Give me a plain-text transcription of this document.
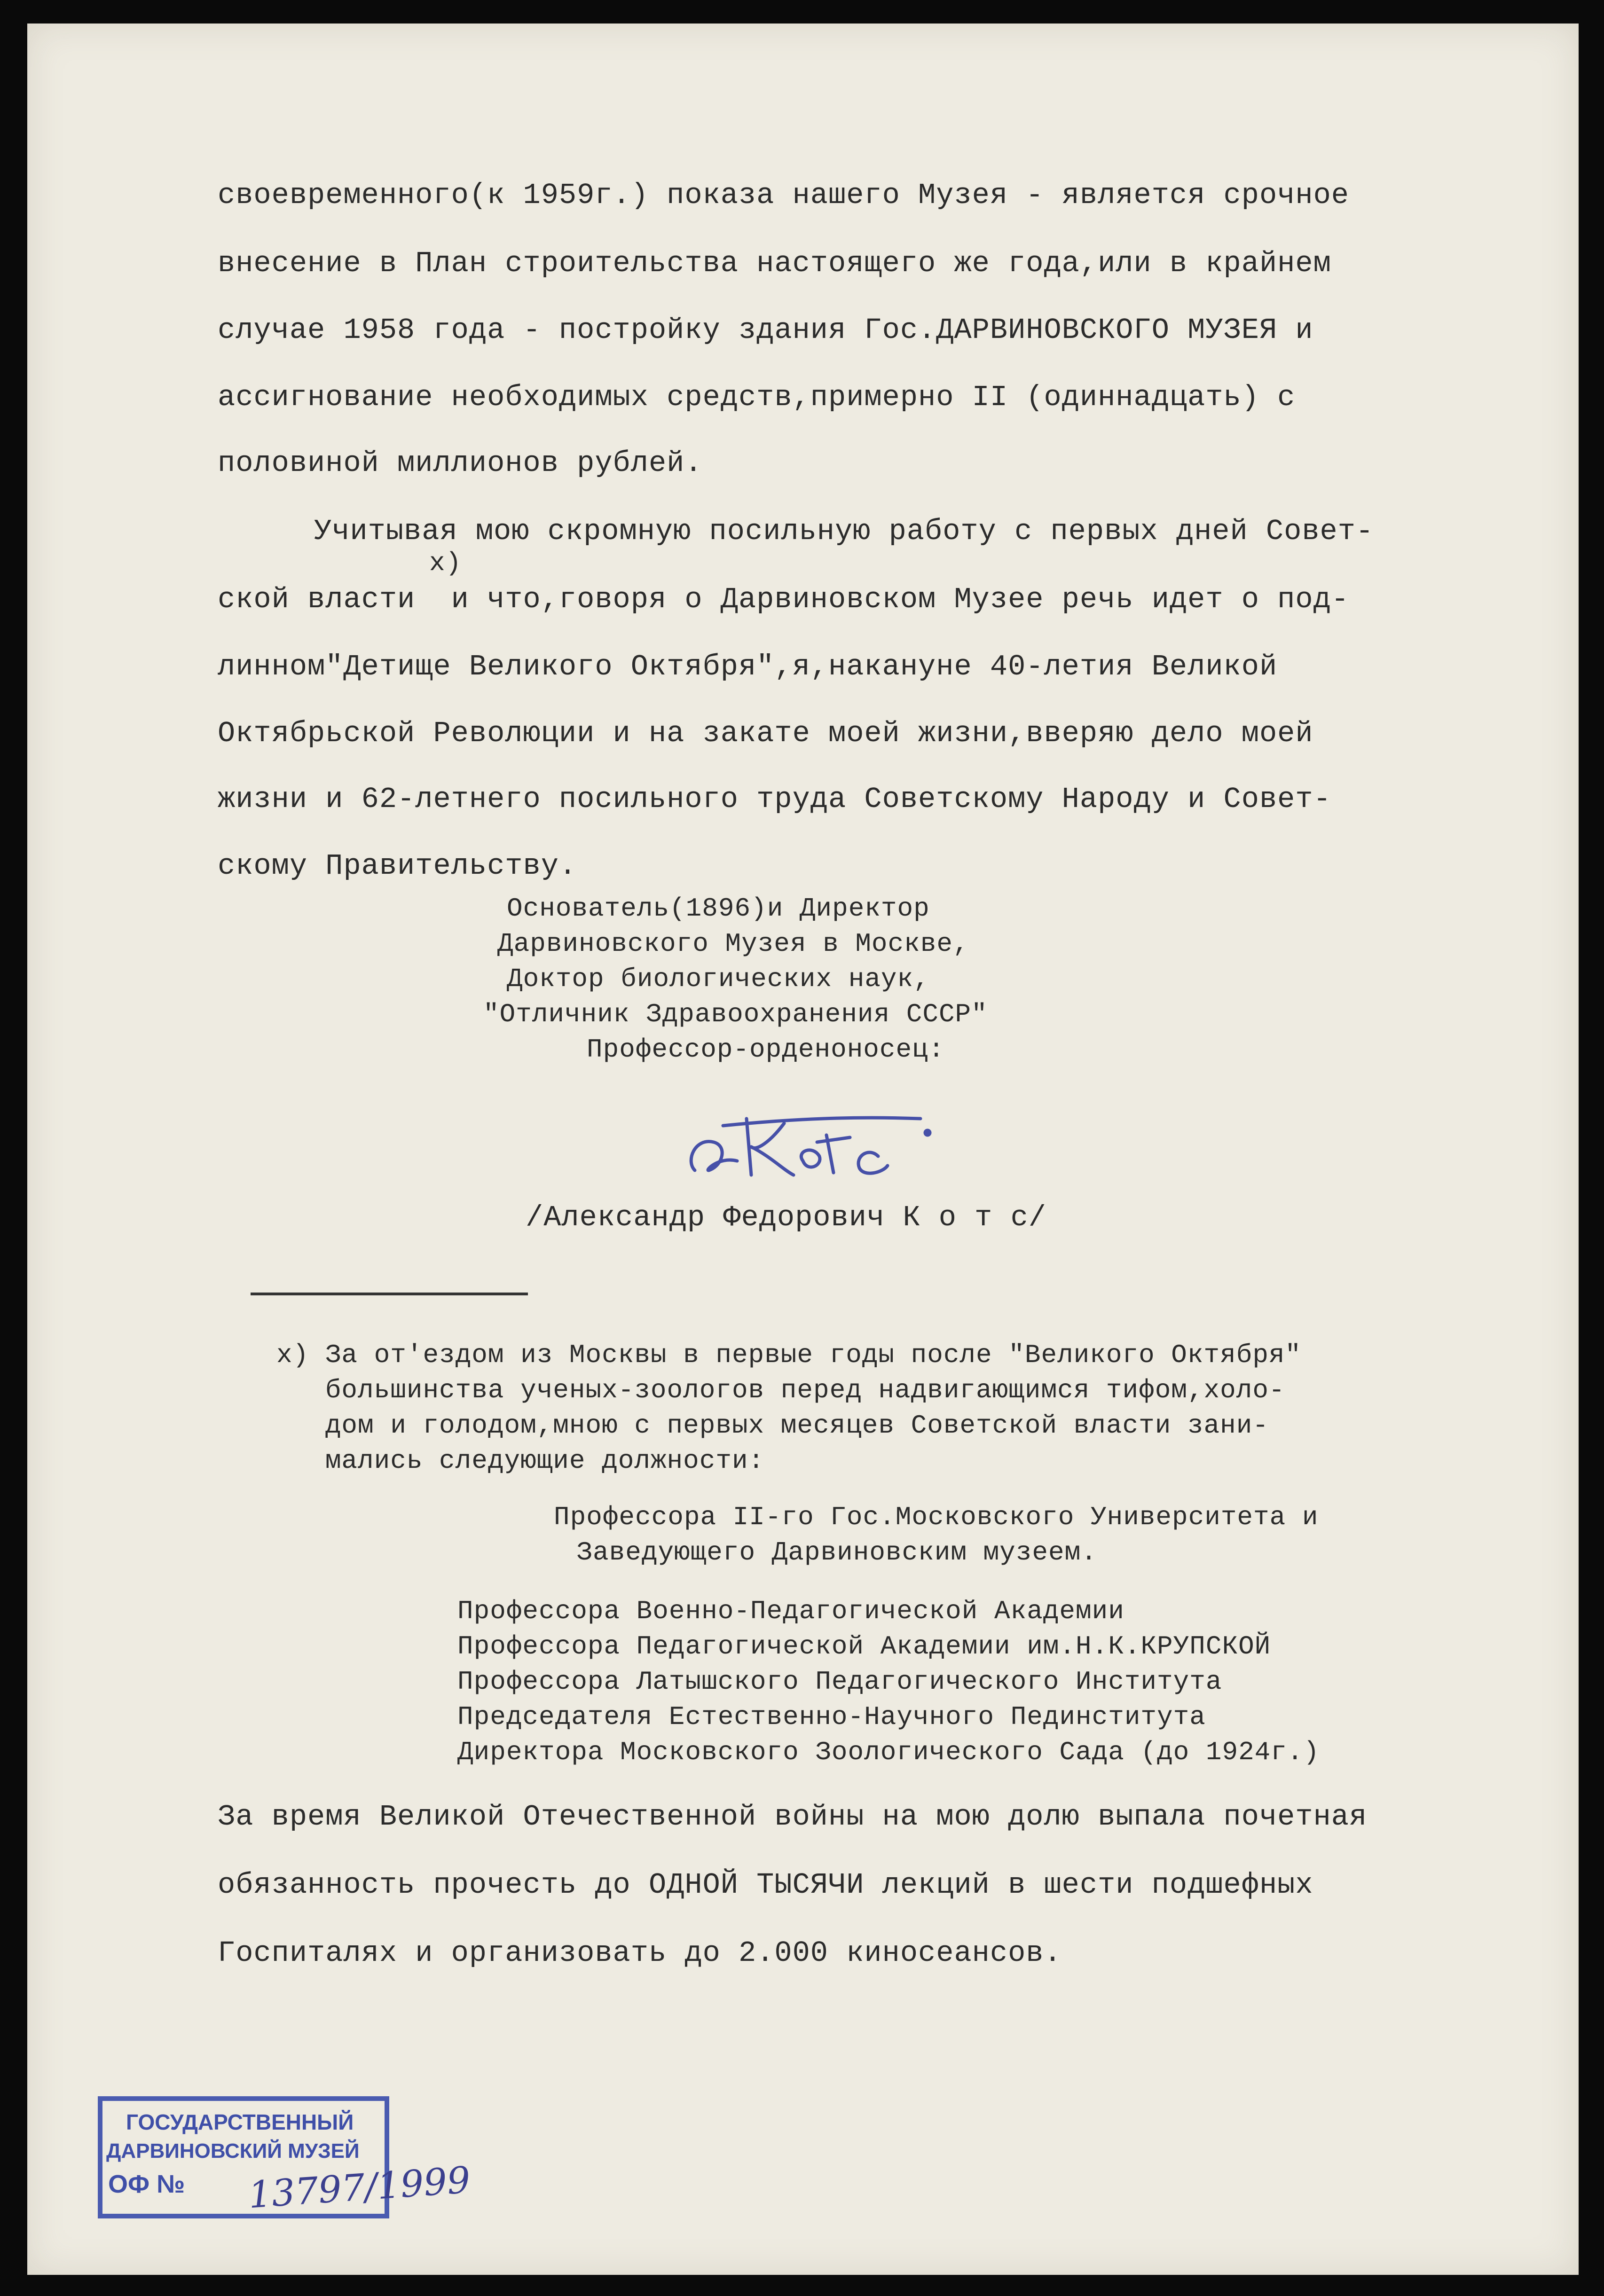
своевременного(к 1959г.) показа нашего Музея - является срочное
внесение в План строительства настоящего же года,или в крайнем
случае 1958 года - постройку здания Гос.ДАРВИНОВСКОГО МУЗЕЯ и
ассигнование необходимых средств,примерно II (одиннадцать) с
половиной миллионов рублей.
Учитывая мою скромную посильную работу с первых дней Совет-
x)
ской власти  и что,говоря о Дарвиновском Музее речь идет о под-
линном"Детище Великого Октября",я,накануне 40-летия Великой
Октябрьской Революции и на закате моей жизни,вверяю дело моей
жизни и 62-летнего посильного труда Советскому Народу и Совет-
скому Правительству.
Основатель(1896)и Директор
Дарвиновского Музея в Москве,
Доктор биологических наук,
"Отличник Здравоохранения СССР"
Профессор-орденоносец:
/Александр Федорович К о т с/
x) За от'ездом из Москвы в первые годы после "Великого Октября"
большинства ученых-зоологов перед надвигающимся тифом,холо-
дом и голодом,мною с первых месяцев Советской власти зани-
мались следующие должности:
Профессора II-го Гос.Московского Университета и
Заведующего Дарвиновским музеем.
Профессора Военно-Педагогической Академии
Профессора Педагогической Академии им.Н.К.КРУПСКОЙ
Профессора Латышского Педагогического Института
Председателя Естественно-Научного Пединститута
Директора Московского Зоологического Сада (до 1924г.)
За время Великой Отечественной войны на мою долю выпала почетная
обязанность прочесть до ОДНОЙ ТЫСЯЧИ лекций в шести подшефных
Госпиталях и организовать до 2.000 киносеансов.
ГОСУДАРСТВЕННЫЙ
ДАРВИНОВСКИЙ МУЗЕЙ
ОФ № 13797/1999
